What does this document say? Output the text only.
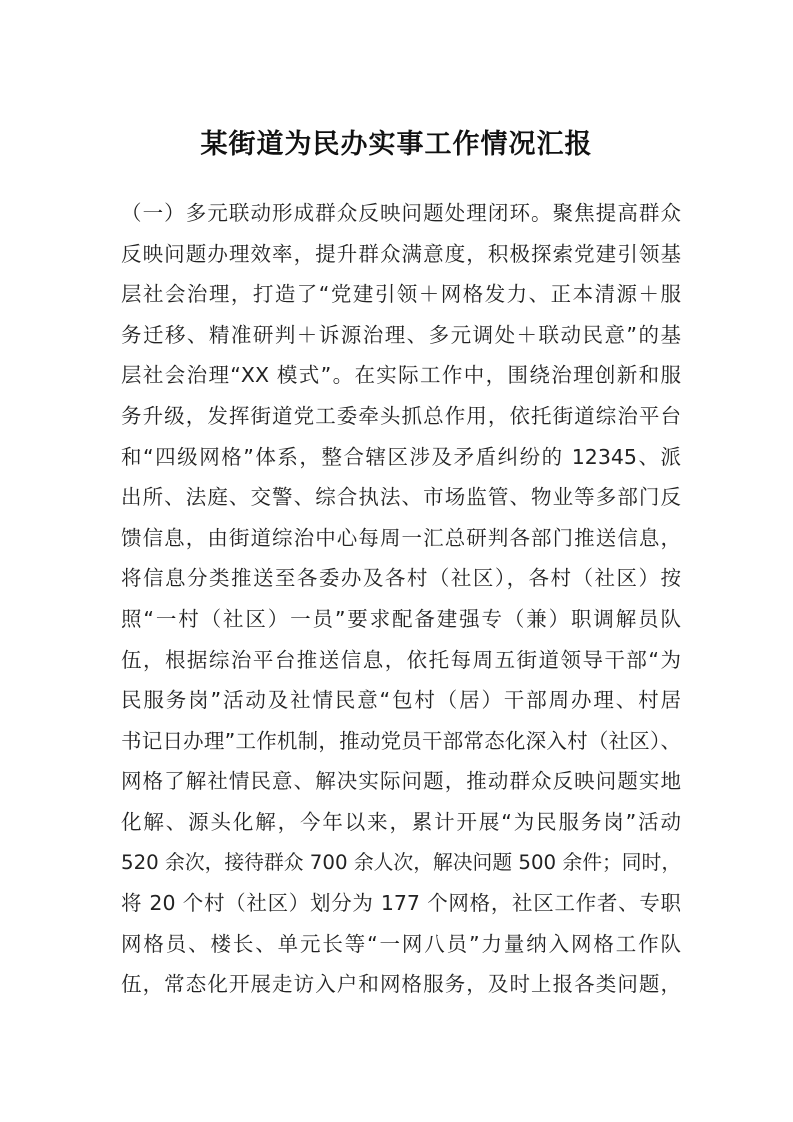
某街道为民办实事工作情况汇报
（一）多元联动形成群众反映问题处理闭环。聚焦提高群众
反映问题办理效率，提升群众满意度，积极探索党建引领基
层社会治理，打造了“党建引领＋网格发力、正本清源＋服
务迁移、精准研判＋诉源治理、多元调处＋联动民意”的基
层社会治理“XX 模式”。在实际工作中，围绕治理创新和服
务升级，发挥街道党工委牵头抓总作用，依托街道综治平台
和“四级网格”体系，整合辖区涉及矛盾纠纷的 12345、派
出所、法庭、交警、综合执法、市场监管、物业等多部门反
馈信息，由街道综治中心每周一汇总研判各部门推送信息，
将信息分类推送至各委办及各村（社区），各村（社区）按
照“一村（社区）一员”要求配备建强专（兼）职调解员队
伍，根据综治平台推送信息，依托每周五街道领导干部“为
民服务岗”活动及社情民意“包村（居）干部周办理、村居
书记日办理”工作机制，推动党员干部常态化深入村（社区）、
网格了解社情民意、解决实际问题，推动群众反映问题实地
化解、源头化解，今年以来，累计开展“为民服务岗”活动
520 余次，接待群众 700 余人次，解决问题 500 余件；同时，
将 20 个村（社区）划分为 177 个网格，社区工作者、专职
网格员、楼长、单元长等“一网八员”力量纳入网格工作队
伍，常态化开展走访入户和网格服务，及时上报各类问题，
